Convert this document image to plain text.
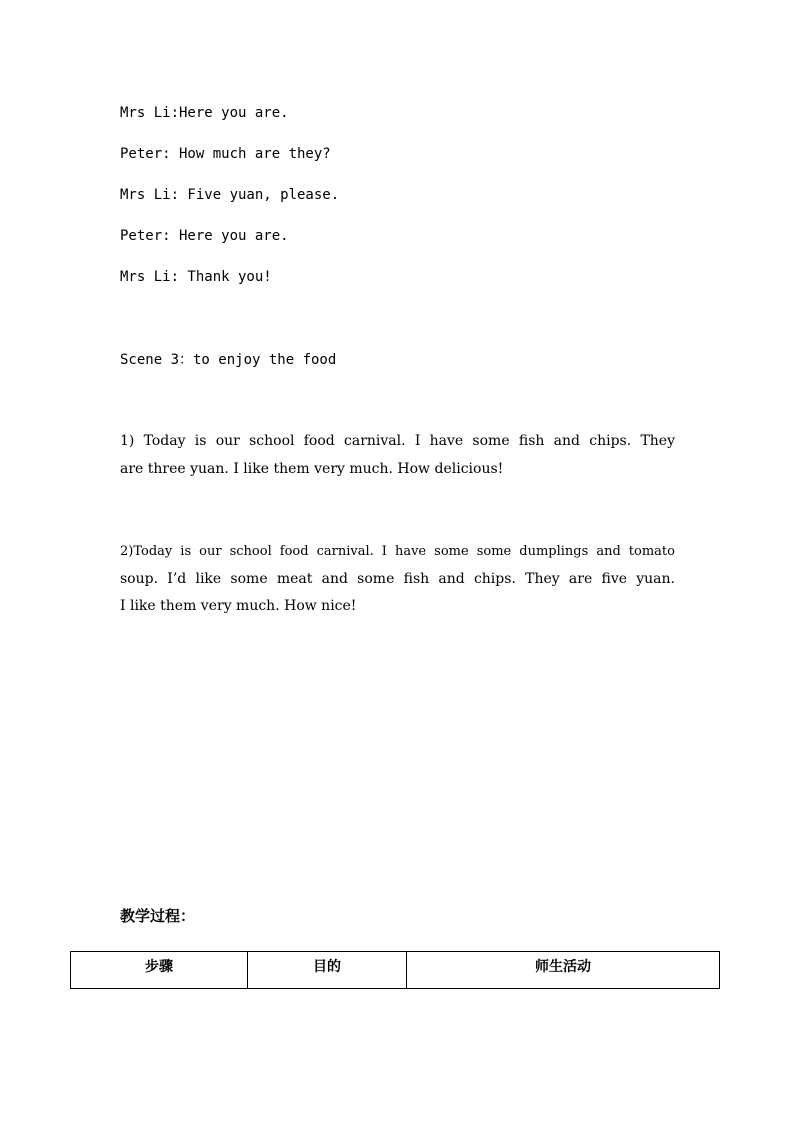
Mrs Li:Here you are.
Peter: How much are they?
Mrs Li: Five yuan, please.
Peter: Here you are.
Mrs Li: Thank you!
Scene 3：to enjoy the food
1) Today is our school food carnival. I have some fish and chips. They
are three yuan. I like them very much. How delicious!
2)Today is our school food carnival. I have some some dumplings and tomato
soup. I’d like some meat and some fish and chips. They are five yuan.
I like them very much. How nice!
教学过程：
步骤	目的	师生活动
